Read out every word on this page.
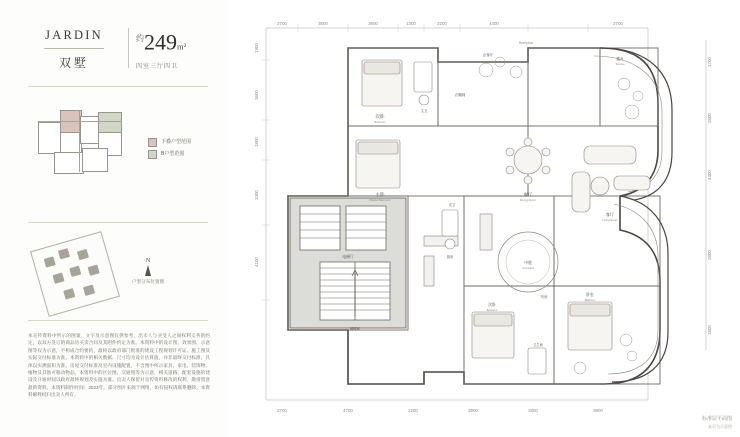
JARDIN
双墅
$^约$249m²
四室三厅四卫
下叠户型范围
B户型范围
N
户型分布位置图
本宣传资料中所示的图案、文字及示意图仅供参考，出卖人与买受人之间权利义务的约定，以双方签订的商品房买卖合同及其附件约定为准。本资料中的设计图、效果图、示意图等仅为示意，不构成合约要约，最终以政府部门批准的建设工程规划许可证、施工图及实际交付标准为准。本资料中的相关数据、尺寸均为设计估算值，并非最终交付标准，具体以实测面积为准。房屋交付标准及室内设施配置，不含图中所示家具、家电、装饰物、植物及其他可移动物品。本资料中的区位图、交通图等为示意，相关道路、配套设施的建设及开通时间以政府最终规划及实施为准。出卖人保留对宣传资料修改的权利，敬请留意最新资料。本资料制作时间：2023年。部分图片来源于网络，如有侵权请联系删除。本资料解释权归出卖人所有。
2700	3500	3600	1300	2200	4400	2700
2700	4700	2200	3900	2800	3900
1900
3600
1800
3300
4100
1700
2800
4400
2800
1500
次卧
Bedroom
主卧
Master Bedroom
主卫
衣帽间
会客厅
Reception
露台
Terrace
餐厅
Dining Room
客厅
Living Room
中庭
Courtyard
电梯厅
楼梯间
厨房
次卫
次卧
Bedroom
书房	卧室
Bedroom
卫生间
标准层平面图
本页为示意图
